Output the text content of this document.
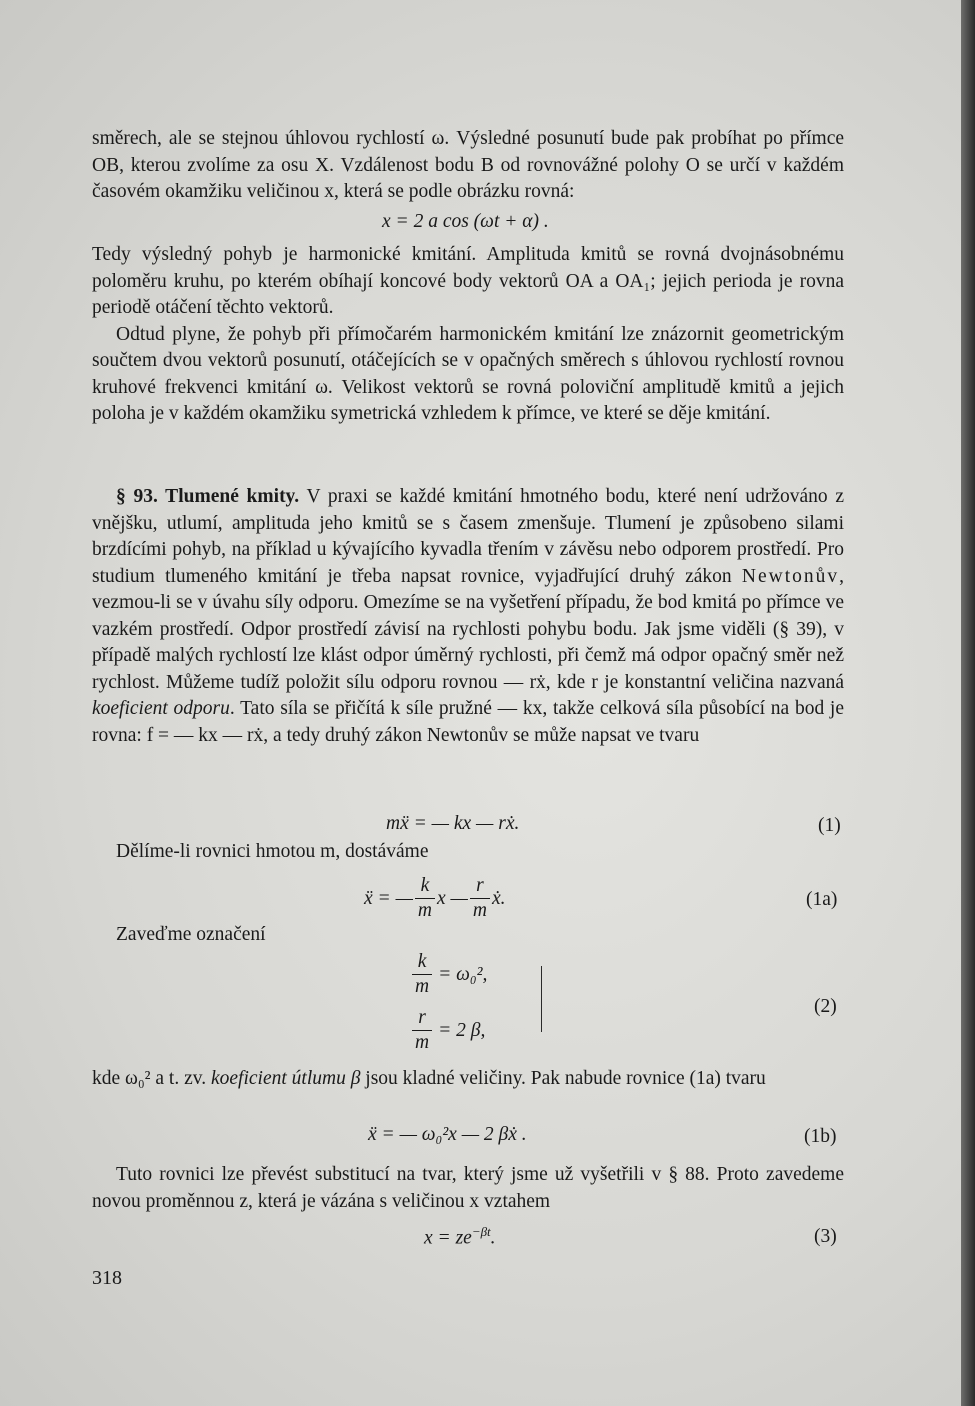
směrech, ale se stejnou úhlovou rychlostí ω. Výsledné posunutí bude pak probíhat po přímce OB, kterou zvolíme za osu X. Vzdálenost bodu B od rovnovážné polohy O se určí v každém časovém okamžiku veličinou x, která se podle obrázku rovná:

x = 2 a cos (ωt + α) .

Tedy výsledný pohyb je harmonické kmitání. Amplituda kmitů se rovná dvojnásobnému poloměru kruhu, po kterém obíhají koncové body vektorů OA a OA₁; jejich perioda je rovna periodě otáčení těchto vektorů.

Odtud plyne, že pohyb při přímočarém harmonickém kmitání lze znázornit geometrickým součtem dvou vektorů posunutí, otáčejících se v opačných směrech s úhlovou rychlostí rovnou kruhové frekvenci kmitání ω. Velikost vektorů se rovná poloviční amplitudě kmitů a jejich poloha je v každém okamžiku symetrická vzhledem k přímce, ve které se děje kmitání.

§ 93. Tlumené kmity. V praxi se každé kmitání hmotného bodu, které není udržováno z vnějšku, utlumí, amplituda jeho kmitů se s časem zmenšuje. Tlumení je způsobeno silami brzdícími pohyb, na příklad u kývajícího kyvadla třením v závěsu nebo odporem prostředí. Pro studium tlumeného kmitání je třeba napsat rovnice, vyjadřující druhý zákon Newtonův, vezmou-li se v úvahu síly odporu. Omezíme se na vyšetření případu, že bod kmitá po přímce ve vazkém prostředí. Odpor prostředí závisí na rychlosti pohybu bodu. Jak jsme viděli (§ 39), v případě malých rychlostí lze klást odpor úměrný rychlosti, při čemž má odpor opačný směr než rychlost. Můžeme tudíž položit sílu odporu rovnou — rẋ, kde r je konstantní veličina nazvaná koeficient odporu. Tato síla se přičítá k síle pružné — kx, takže celková síla působící na bod je rovna: f = — kx — rẋ, a tedy druhý zákon Newtonův se může napsat ve tvaru

mẍ = — kx — rẋ.	(1)
Dělíme-li rovnici hmotou m, dostáváme
ẍ = — $\frac{k}{m}$ x — $\frac{r}{m}$ ẋ.	(1a)
Zaveďme označení
$\frac{k}{m} = \omega_0^2$,
$\frac{r}{m} = 2$ β,
(2)

kde ω₀² a t. zv. koeficient útlumu β jsou kladné veličiny. Pak nabude rovnice (1a) tvaru

ẍ = — ω₀²x — 2 βẋ .	(1b)

Tuto rovnici lze převést substitucí na tvar, který jsme už vyšetřili v § 88. Proto zavedeme novou proměnnou z, která je vázána s veličinou x vztahem

$x = ze^{-\beta t}$.	(3)
318
